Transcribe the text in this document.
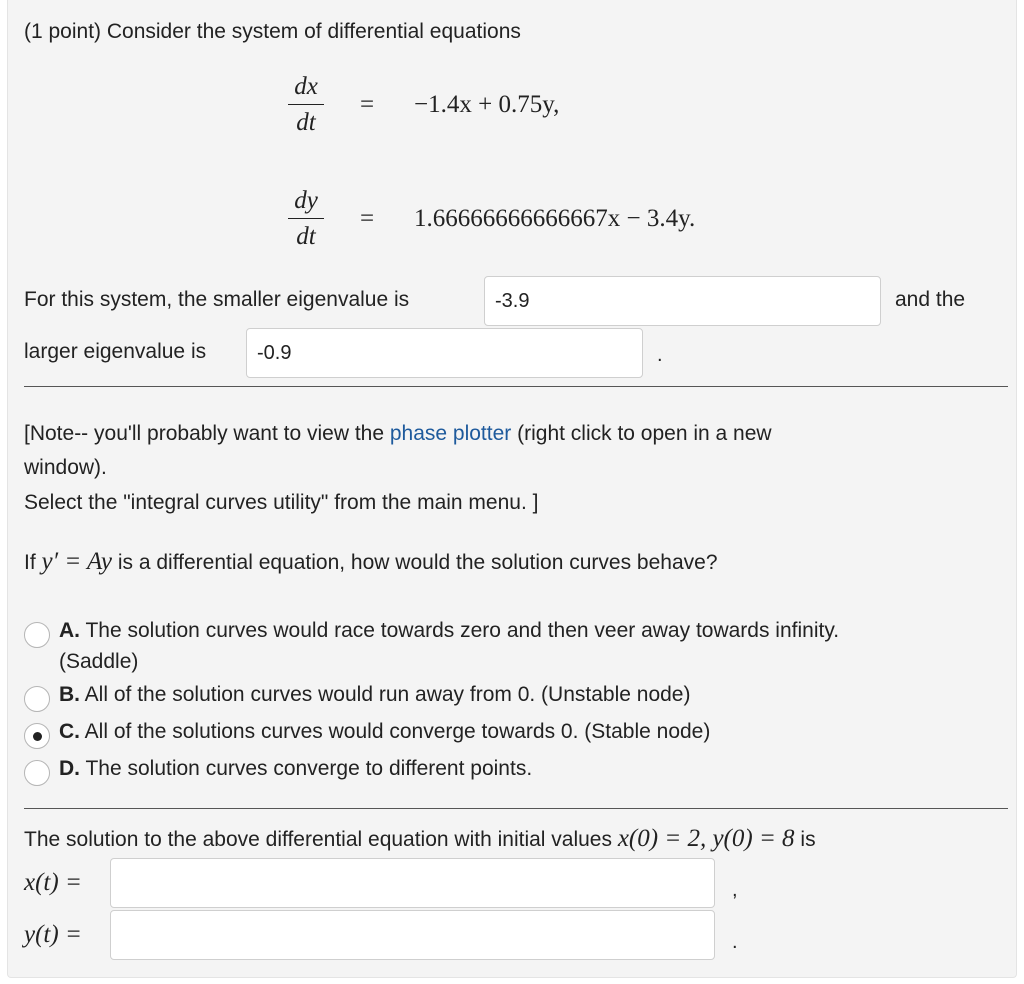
(1 point) Consider the system of differential equations
dx
dt
= −1.4x + 0.75y,
dy
dt
= 1.66666666666667x − 3.4y.
For this system, the smaller eigenvalue is
-3.9	and the
larger eigenvalue is
-0.9	.
[Note-- you'll probably want to view the phase plotter (right click to open in a new
window).
Select the "integral curves utility" from the main menu. ]
If y′ = Ay is a differential equation, how would the solution curves behave?
A. The solution curves would race towards zero and then veer away towards infinity.
(Saddle)
B. All of the solution curves would run away from 0. (Unstable node)
C. All of the solutions curves would converge towards 0. (Stable node)
D. The solution curves converge to different points.
The solution to the above differential equation with initial values x(0) = 2, y(0) = 8 is
x(t) =	,
y(t) =	.
